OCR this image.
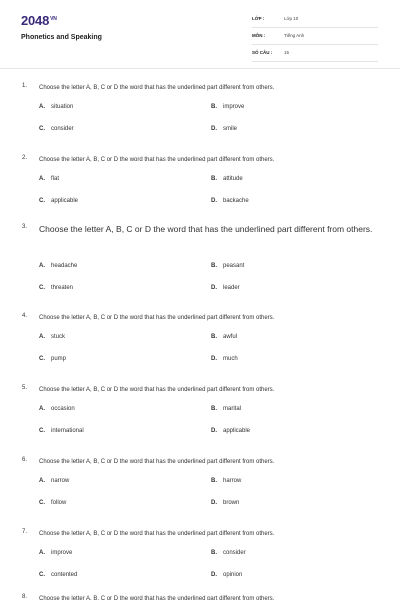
$2048^{VN}$
Phonetics and Speaking
LỚP :	Lớp 10
MÔN :	Tiếng Anh
SỐ CÂU :	15
1. Choose the letter A, B, C or D the word that has the underlined part different from others.
A. situation	B. improve
C. consider	D. smile
2. Choose the letter A, B, C or D the word that has the underlined part different from others.
A. flat	B. attitude
C. applicable	D. backache
3. Choose the letter A, B, C or D the word that has the underlined part different from others.
A. headache	B. peasant
C. threaten	D. leader
4. Choose the letter A, B, C or D the word that has the underlined part different from others.
A. stuck	B. awful
C. pump	D. much
5. Choose the letter A, B, C or D the word that has the underlined part different from others.
A. occasion	B. marital
C. international	D. applicable
6. Choose the letter A, B, C or D the word that has the underlined part different from others.
A. narrow	B. harrow
C. follow	D. brown
7. Choose the letter A, B, C or D the word that has the underlined part different from others.
A. improve	B. consider
C. contented	D. opinion
8. Choose the letter A, B, C or D the word that has the underlined part different from others.
